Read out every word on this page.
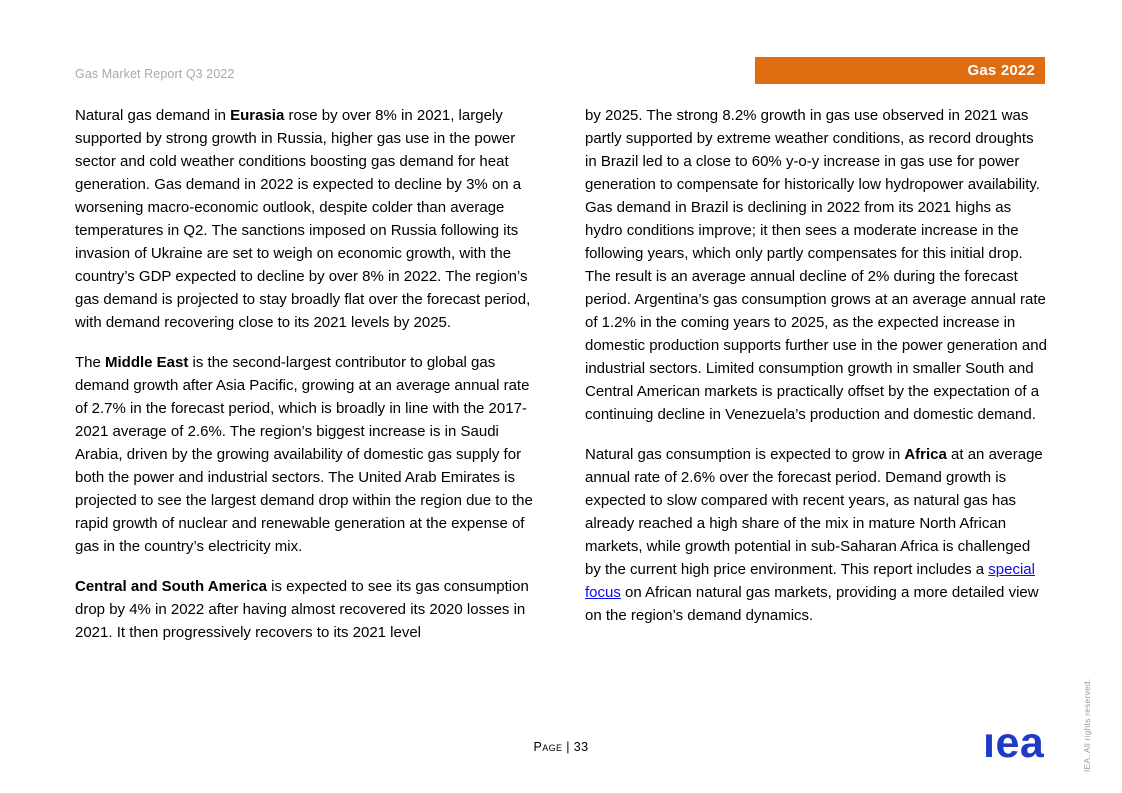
Gas Market Report Q3 2022	Gas 2022

Natural gas demand in Eurasia rose by over 8% in 2021, largely supported by strong growth in Russia, higher gas use in the power sector and cold weather conditions boosting gas demand for heat generation. Gas demand in 2022 is expected to decline by 3% on a worsening macro-economic outlook, despite colder than average temperatures in Q2. The sanctions imposed on Russia following its invasion of Ukraine are set to weigh on economic growth, with the country’s GDP expected to decline by over 8% in 2022. The region’s gas demand is projected to stay broadly flat over the forecast period, with demand recovering close to its 2021 levels by 2025.

The Middle East is the second-largest contributor to global gas demand growth after Asia Pacific, growing at an average annual rate of 2.7% in the forecast period, which is broadly in line with the 2017-2021 average of 2.6%. The region’s biggest increase is in Saudi Arabia, driven by the growing availability of domestic gas supply for both the power and industrial sectors. The United Arab Emirates is projected to see the largest demand drop within the region due to the rapid growth of nuclear and renewable generation at the expense of gas in the country’s electricity mix.

Central and South America is expected to see its gas consumption drop by 4% in 2022 after having almost recovered its 2020 losses in 2021. It then progressively recovers to its 2021 level

by 2025. The strong 8.2% growth in gas use observed in 2021 was partly supported by extreme weather conditions, as record droughts in Brazil led to a close to 60% y-o-y increase in gas use for power generation to compensate for historically low hydropower availability. Gas demand in Brazil is declining in 2022 from its 2021 highs as hydro conditions improve; it then sees a moderate increase in the following years, which only partly compensates for this initial drop. The result is an average annual decline of 2% during the forecast period. Argentina’s gas consumption grows at an average annual rate of 1.2% in the coming years to 2025, as the expected increase in domestic production supports further use in the power generation and industrial sectors. Limited consumption growth in smaller South and Central American markets is practically offset by the expectation of a continuing decline in Venezuela’s production and domestic demand.

Natural gas consumption is expected to grow in Africa at an average annual rate of 2.6% over the forecast period. Demand growth is expected to slow compared with recent years, as natural gas has already reached a high share of the mix in mature North African markets, while growth potential in sub-Saharan Africa is challenged by the current high price environment. This report includes a special focus on African natural gas markets, providing a more detailed view on the region’s demand dynamics.

Page | 33	ıea	IEA. All rights reserved.
